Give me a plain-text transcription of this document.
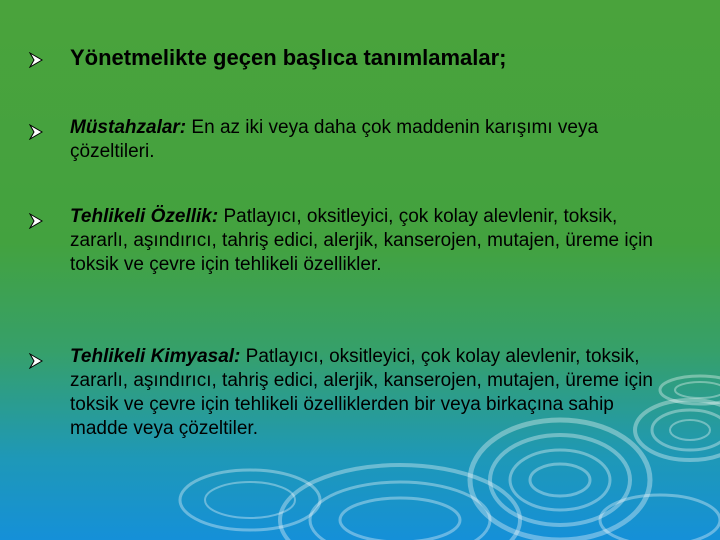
Yönetmelikte geçen başlıca tanımlamalar;
Müstahzalar: En az iki veya daha çok maddenin karışımı veya çözeltileri.
Tehlikeli Özellik: Patlayıcı, oksitleyici, çok kolay alevlenir, toksik, zararlı, aşındırıcı, tahriş edici, alerjik, kanserojen, mutajen, üreme için toksik ve çevre için tehlikeli özellikler.
Tehlikeli Kimyasal: Patlayıcı, oksitleyici, çok kolay alevlenir, toksik, zararlı, aşındırıcı, tahriş edici, alerjik, kanserojen, mutajen, üreme için toksik ve çevre için tehlikeli özelliklerden bir veya birkaçına sahip madde veya çözeltiler.
